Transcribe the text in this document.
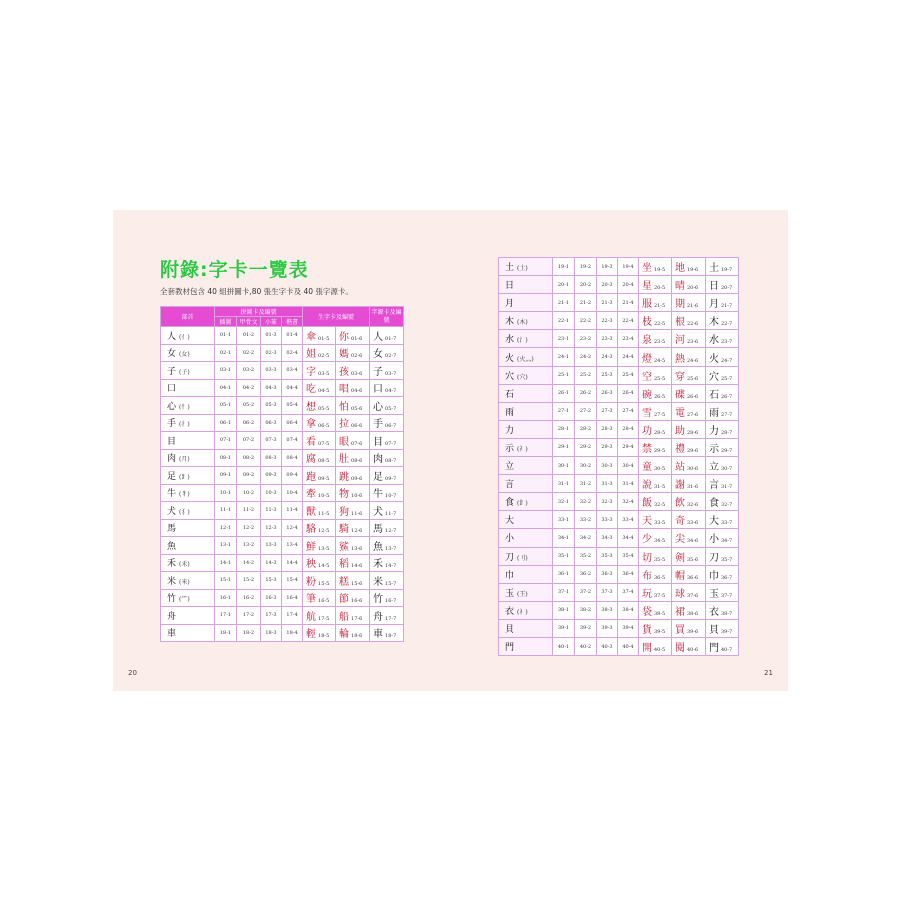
附錄:字卡一覽表
全套教材包含 40 組拼圖卡,80 張生字卡及 40 張字源卡。
20	21
部首	拼圖卡及編號				生字卡及編號		字源卡及編號
	插圖	甲骨文	小篆	楷書			
人 (亻)	01-1	01-2	01-3	01-4	傘 01-5	你 01-6	人 01-7
女 (女)	02-1	02-2	02-3	02-4	姐 02-5	媽 02-6	女 02-7
子 (子)	03-1	03-2	03-3	03-4	字 03-5	孩 03-6	子 03-7
口	04-1	04-2	04-3	04-4	吃 04-5	唱 04-6	口 04-7
心 (忄)	05-1	05-2	05-3	05-4	想 05-5	怕 05-6	心 05-7
手 (扌)	06-1	06-2	06-3	06-4	拿 06-5	拉 06-6	手 06-7
目	07-1	07-2	07-3	07-4	看 07-5	眼 07-6	目 07-7
肉 (月)	08-1	08-2	08-3	08-4	腐 08-5	肚 08-6	肉 08-7
足 (⻊)	09-1	09-2	09-3	09-4	跑 09-5	跳 09-6	足 09-7
牛 (牜)	10-1	10-2	10-3	10-4	牽 10-5	物 10-6	牛 10-7
犬 (犭)	11-1	11-2	11-3	11-4	獸 11-5	狗 11-6	犬 11-7
馬	12-1	12-2	12-3	12-4	駱 12-5	騎 12-6	馬 12-7
魚	13-1	13-2	13-3	13-4	鮮 13-5	鯊 13-6	魚 13-7
禾 (禾)	14-1	14-2	14-3	14-4	秧 14-5	稻 14-6	禾 14-7
米 (米)	15-1	15-2	15-3	15-4	粉 15-5	糕 15-6	米 15-7
竹 (⺮)	16-1	16-2	16-3	16-4	筆 16-5	節 16-6	竹 16-7
舟	17-1	17-2	17-3	17-4	航 17-5	船 17-6	舟 17-7
車	18-1	18-2	18-3	18-4	輕 18-5	輪 18-6	車 18-7
土 (土)	19-1	19-2	19-3	19-4	坐 19-5	地 19-6	土 19-7
日	20-1	20-2	20-3	20-4	星 20-5	晴 20-6	日 20-7
月	21-1	21-2	21-3	21-4	服 21-5	期 21-6	月 21-7
木 (木)	22-1	22-2	22-3	22-4	枝 22-5	根 22-6	木 22-7
水 (氵)	23-1	23-2	23-3	23-4	泉 23-5	河 23-6	水 23-7
火 (火灬)	24-1	24-2	24-3	24-4	燈 24-5	熱 24-6	火 24-7
穴 (穴)	25-1	25-2	25-3	25-4	空 25-5	穿 25-6	穴 25-7
石	26-1	26-2	26-3	26-4	碗 26-5	碟 26-6	石 26-7
雨	27-1	27-2	27-3	27-4	雪 27-5	電 27-6	雨 27-7
力	28-1	28-2	28-3	28-4	功 28-5	助 28-6	力 28-7
示 (礻)	29-1	29-2	29-3	29-4	禁 29-5	禮 29-6	示 29-7
立	30-1	30-2	30-3	30-4	童 30-5	站 30-6	立 30-7
言	31-1	31-2	31-3	31-4	說 31-5	謝 31-6	言 31-7
食 (飠)	32-1	32-2	32-3	32-4	飯 32-5	飲 32-6	食 32-7
大	33-1	33-2	33-3	33-4	天 33-5	奇 33-6	大 33-7
小	34-1	34-2	34-3	34-4	少 34-5	尖 34-6	小 34-7
刀 (刂)	35-1	35-2	35-3	35-4	切 35-5	剣 35-6	刀 35-7
巾	36-1	36-2	36-3	36-4	布 36-5	帽 36-6	巾 36-7
玉 (王)	37-1	37-2	37-3	37-4	玩 37-5	球 37-6	玉 37-7
衣 (衤)	38-1	38-2	38-3	38-4	袋 38-5	裙 38-6	衣 38-7
貝	39-1	39-2	39-3	39-4	貨 39-5	買 39-6	貝 39-7
門	40-1	40-2	40-3	40-4	開 40-5	閱 40-6	門 40-7
